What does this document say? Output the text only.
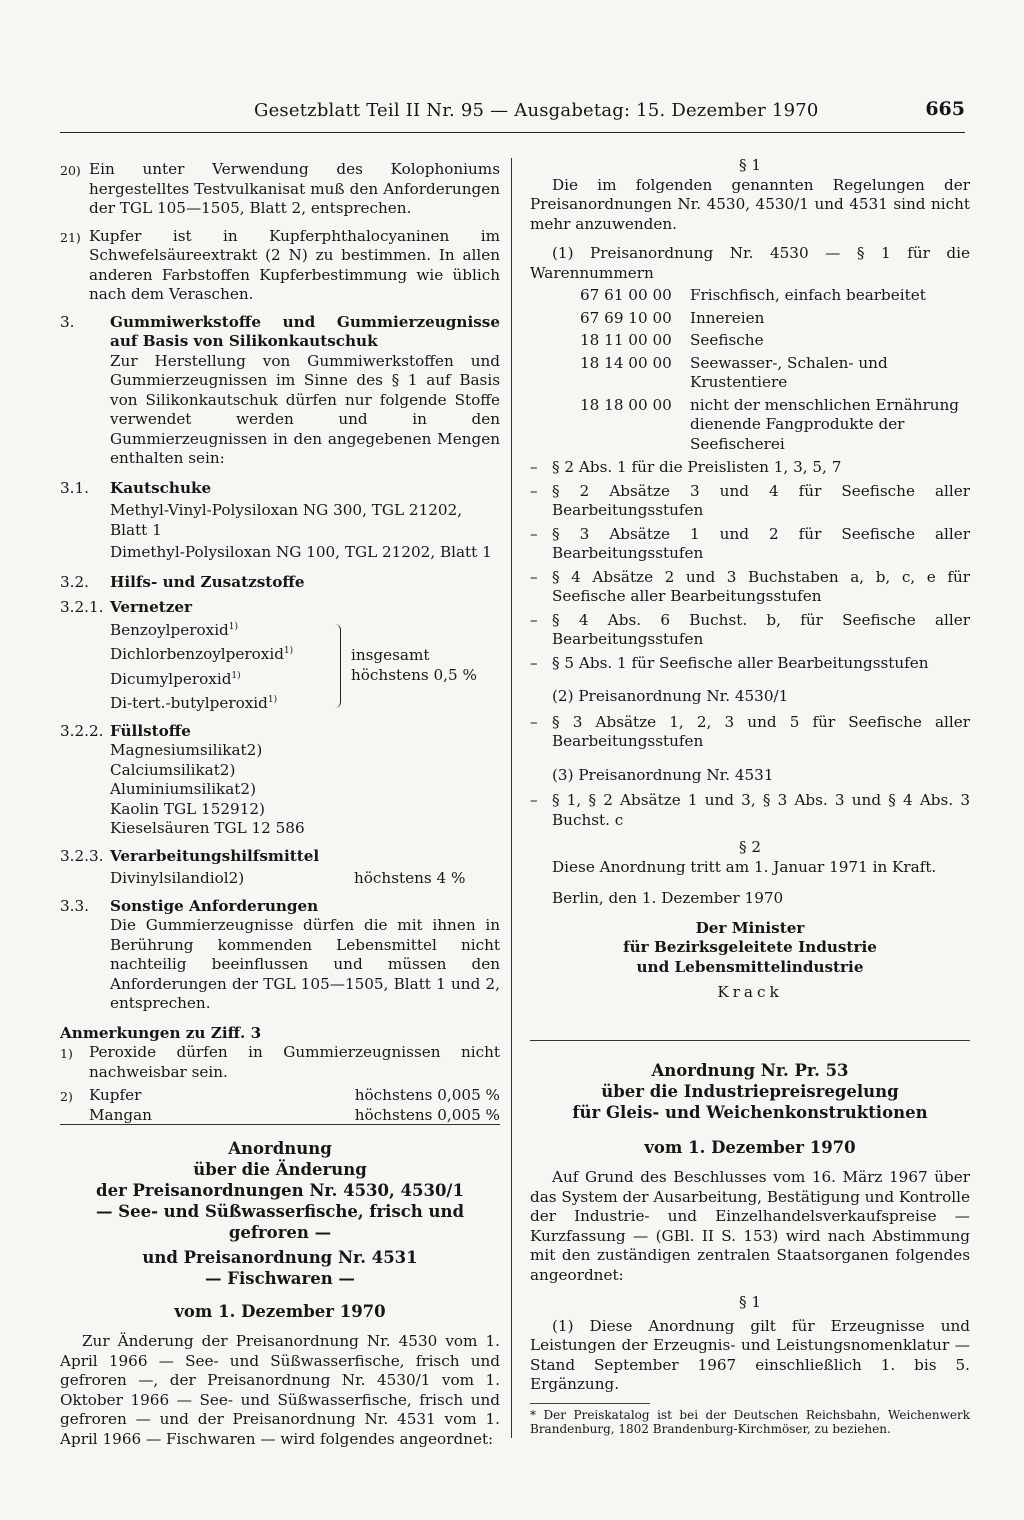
Gesetzblatt Teil II Nr. 95 — Ausgabetag: 15. Dezember 1970	665
20) Ein unter Verwendung des Kolophoniums hergestelltes Testvulkanisat muß den Anforderungen der TGL 105—1505, Blatt 2, entsprechen.
21) Kupfer ist in Kupferphthalocyaninen im Schwefelsäureextrakt (2 N) zu bestimmen. In allen anderen Farbstoffen Kupferbestimmung wie üblich nach dem Veraschen.
3.	Gummiwerkstoffe und Gummierzeugnisse auf Basis von Silikonkautschuk

Zur Herstellung von Gummiwerkstoffen und Gummierzeugnissen im Sinne des § 1 auf Basis von Silikonkautschuk dürfen nur folgende Stoffe verwendet werden und in den Gummierzeugnissen in den angegebenen Mengen enthalten sein:

3.1.	Kautschuke

Methyl-Vinyl-Polysiloxan NG 300, TGL 21202, Blatt 1

Dimethyl-Polysiloxan NG 100, TGL 21202, Blatt 1

3.2.	Hilfs- und Zusatzstoffe
3.2.1. Vernetzer

Benzoylperoxid$^{1)}$

Dichlorbenzoylperoxid$^{1)}$

Dicumylperoxid$^{1)}$

Di-tert.-butylperoxid$^{1)}$

insgesamt

höchstens 0,5 %

3.2.2. Füllstoffe

Magnesiumsilikat2)

Calciumsilikat2)

Aluminiumsilikat2)

Kaolin TGL 152912)

Kieselsäuren TGL 12 586

3.2.3. Verarbeitungshilfsmittel

Divinylsilandiol2)	höchstens 4 %
3.3.	Sonstige Anforderungen

Die Gummierzeugnisse dürfen die mit ihnen in Berührung kommenden Lebensmittel nicht nachteilig beeinflussen und müssen den Anforderungen der TGL 105—1505, Blatt 1 und 2, entsprechen.

Anmerkungen zu Ziff. 3

1)	Peroxide dürfen in Gummierzeugnissen nicht nachweisbar sein.
2)	Kupfer	höchstens 0,005 %
Mangan	höchstens 0,005 %

Anordnung

über die Änderung

der Preisanordnungen Nr. 4530, 4530/1

— See- und Süßwasserfische, frisch und gefroren —

und Preisanordnung Nr. 4531

— Fischwaren —

vom 1. Dezember 1970

Zur Änderung der Preisanordnung Nr. 4530 vom 1. April 1966 — See- und Süßwasserfische, frisch und gefroren —, der Preisanordnung Nr. 4530/1 vom 1. Oktober 1966 — See- und Süßwasserfische, frisch und gefroren — und der Preisanordnung Nr. 4531 vom 1. April 1966 — Fischwaren — wird folgendes angeordnet:

§ 1

Die im folgenden genannten Regelungen der Preisanordnungen Nr. 4530, 4530/1 und 4531 sind nicht mehr anzuwenden.

(1) Preisanordnung Nr. 4530 — § 1 für die Warennummern

67 61 00 00	Frischfisch, einfach bearbeitet
67 69 10 00	Innereien
18 11 00 00	Seefische
18 14 00 00	Seewasser-, Schalen- und Krustentiere
18 18 00 00	nicht der menschlichen Ernährung dienende Fangprodukte der Seefischerei
– § 2 Abs. 1 für die Preislisten 1, 3, 5, 7
– § 2 Absätze 3 und 4 für Seefische aller Bearbeitungsstufen
– § 3 Absätze 1 und 2 für Seefische aller Bearbeitungsstufen
– § 4 Absätze 2 und 3 Buchstaben a, b, c, e für Seefische aller Bearbeitungsstufen
– § 4 Abs. 6 Buchst. b, für Seefische aller Bearbeitungsstufen
– § 5 Abs. 1 für Seefische aller Bearbeitungsstufen

(2) Preisanordnung Nr. 4530/1

– § 3 Absätze 1, 2, 3 und 5 für Seefische aller Bearbeitungsstufen

(3) Preisanordnung Nr. 4531

– § 1, § 2 Absätze 1 und 3, § 3 Abs. 3 und § 4 Abs. 3 Buchst. c

§ 2

Diese Anordnung tritt am 1. Januar 1971 in Kraft.

Berlin, den 1. Dezember 1970

Der Minister

für Bezirksgeleitete Industrie

und Lebensmittelindustrie

Krack

Anordnung Nr. Pr. 53

über die Industriepreisregelung

für Gleis- und Weichenkonstruktionen

vom 1. Dezember 1970

Auf Grund des Beschlusses vom 16. März 1967 über das System der Ausarbeitung, Bestätigung und Kontrolle der Industrie- und Einzelhandelsverkaufspreise — Kurzfassung — (GBl. II S. 153) wird nach Abstimmung mit den zuständigen zentralen Staatsorganen folgendes angeordnet:

§ 1

(1) Diese Anordnung gilt für Erzeugnisse und Leistungen der Erzeugnis- und Leistungsnomenklatur — Stand September 1967 einschließlich 1. bis 5. Ergänzung.

* Der Preiskatalog ist bei der Deutschen Reichsbahn, Weichenwerk Brandenburg, 1802 Brandenburg-Kirchmöser, zu beziehen.
